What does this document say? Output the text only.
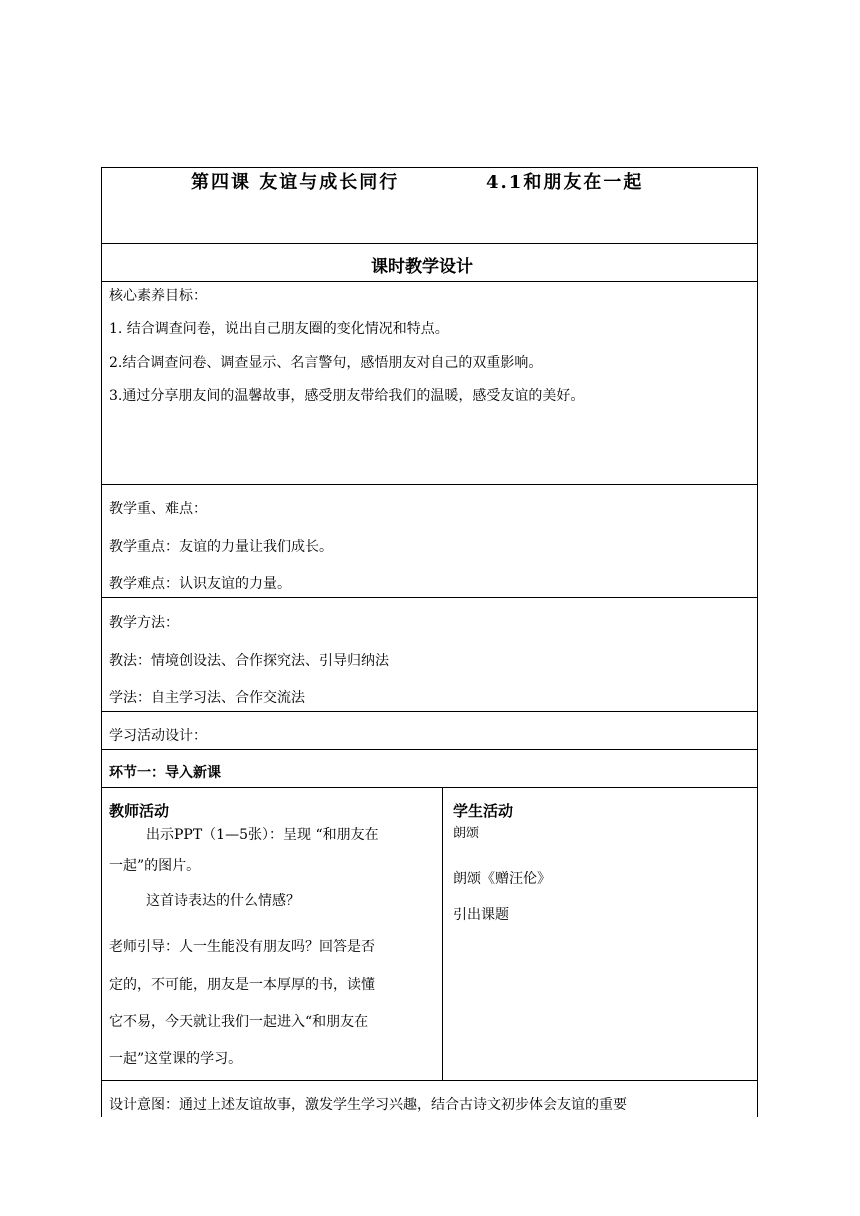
第四课 友谊与成长同行	4.1和朋友在一起
课时教学设计
核心素养目标：
1. 结合调查问卷，说出自己朋友圈的变化情况和特点。
2.结合调查问卷、调查显示、名言警句，感悟朋友对自己的双重影响。
3.通过分享朋友间的温馨故事，感受朋友带给我们的温暖，感受友谊的美好。
教学重、难点：
教学重点：友谊的力量让我们成长。
教学难点：认识友谊的力量。
教学方法：
教法：情境创设法、合作探究法、引导归纳法
学法：自主学习法、合作交流法
学习活动设计：
环节一：导入新课
教师活动
出示PPT（1—5张）：呈现 “和朋友在
一起”的图片。
这首诗表达的什么情感？
老师引导：人一生能没有朋友吗？回答是否
定的，不可能，朋友是一本厚厚的书，读懂
它不易，今天就让我们一起进入“和朋友在
一起”这堂课的学习。
学生活动
朗颂
朗颂《赠汪伦》
引出课题
设计意图：通过上述友谊故事，激发学生学习兴趣，结合古诗文初步体会友谊的重要
